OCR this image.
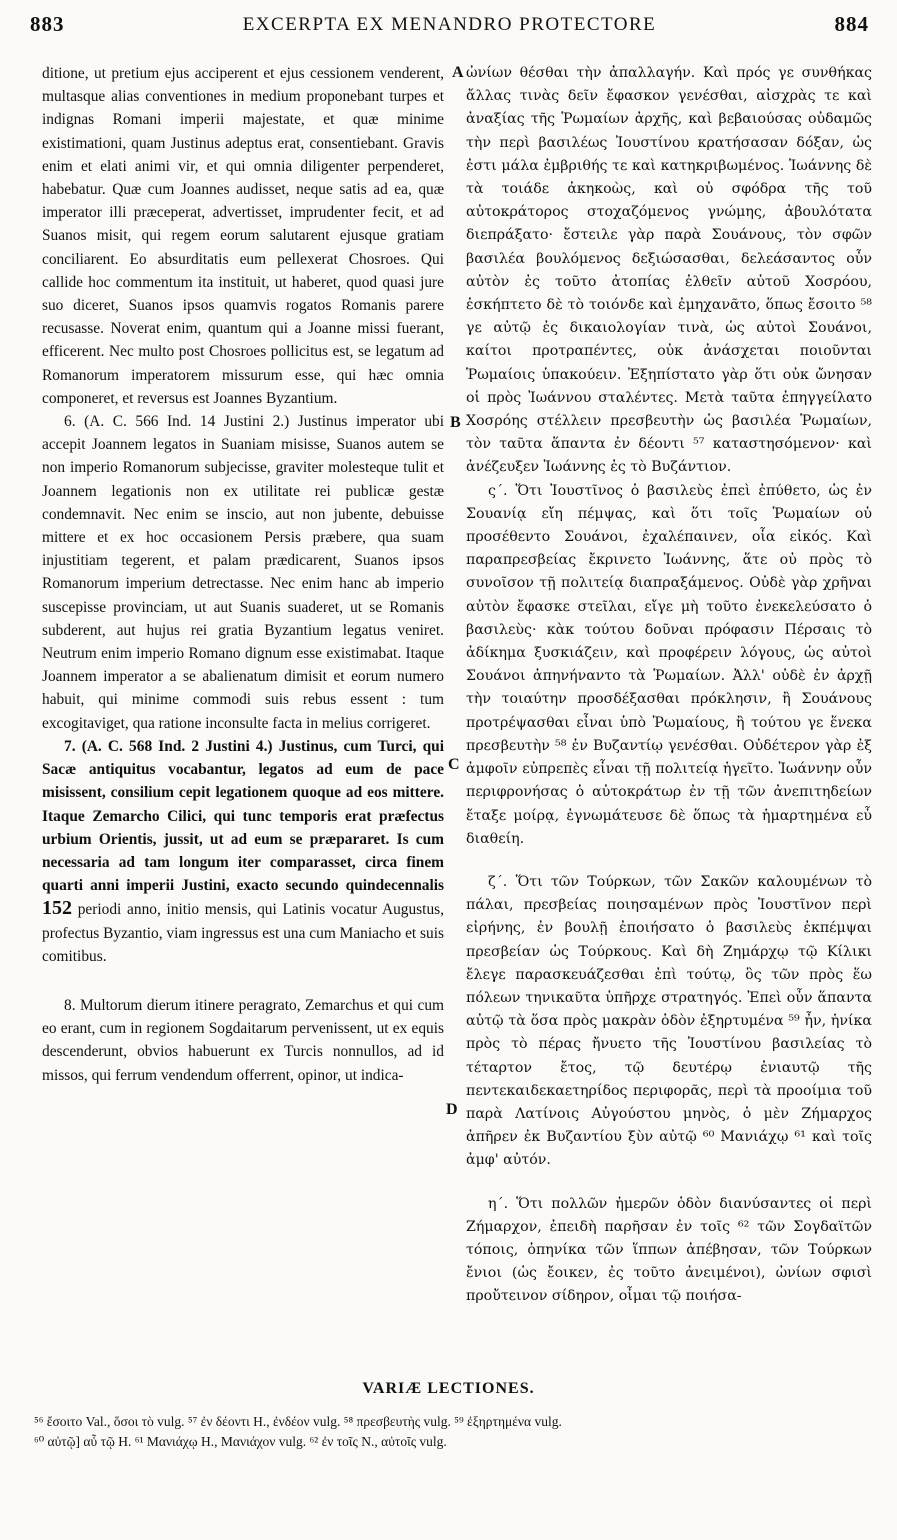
883	EXCERPTA EX MENANDRO PROTECTORE	884

ditione, ut pretium ejus acciperent et ejus cessionem venderent, multasque alias conventiones in medium proponebant turpes et indignas Romani imperii majestate, et quæ minime existimationi, quam Justinus adeptus erat, consentiebant. Gravis enim et elati animi vir, et qui omnia diligenter perpenderet, habebatur. Quæ cum Joannes audisset, neque satis ad ea, quæ imperator illi præceperat, advertisset, imprudenter fecit, et ad Suanos misit, qui regem eorum salutarent ejusque gratiam conciliarent. Eo absurditatis eum pellexerat Chosroes. Qui callide hoc commentum ita instituit, ut haberet, quod quasi jure suo diceret, Suanos ipsos quamvis rogatos Romanis parere recusasse. Noverat enim, quantum qui a Joanne missi fuerant, efficerent. Nec multo post Chosroes pollicitus est, se legatum ad Romanorum imperatorem missurum esse, qui hæc omnia componeret, et reversus est Joannes Byzantium.

6. (A. C. 566 Ind. 14 Justini 2.) Justinus imperator ubi accepit Joannem legatos in Suaniam misisse, Suanos autem se non imperio Romanorum subjecisse, graviter molesteque tulit et Joannem legationis non ex utilitate rei publicæ gestæ condemnavit. Nec enim se inscio, aut non jubente, debuisse mittere et ex hoc occasionem Persis præbere, qua suam injustitiam tegerent, et palam prædicarent, Suanos ipsos Romanorum imperium detrectasse. Nec enim hanc ab imperio suscepisse provinciam, ut aut Suanis suaderet, ut se Romanis subderent, aut hujus rei gratia Byzantium legatus veniret. Neutrum enim imperio Romano dignum esse existimabat. Itaque Joannem imperator a se abalienatum dimisit et eorum numero habuit, qui minime commodi suis rebus essent : tum excogitaviget, qua ratione inconsulte facta in melius corrigeret.

7. (A. C. 568 Ind. 2 Justini 4.) Justinus, cum Turci, qui Sacæ antiquitus vocabantur, legatos ad eum de pace misissent, consilium cepit legationem quoque ad eos mittere. Itaque Zemarcho Cilici, qui tunc temporis erat præfectus urbium Orientis, jussit, ut ad eum se præpararet. Is cum necessaria ad tam longum iter comparasset, circa finem quarti anni imperii Justini, exacto secundo quindecennalis 152 periodi anno, initio mensis, qui Latinis vocatur Augustus, profectus Byzantio, viam ingressus est una cum Maniacho et suis comitibus.

8. Multorum dierum itinere peragrato, Zemarchus et qui cum eo erant, cum in regionem Sogdaitarum pervenissent, ut ex equis descenderunt, obvios habuerunt ex Turcis nonnullos, ad id missos, qui ferrum vendendum offerrent, opinor, ut indica-

A
B
C
D

ὠνίων θέσθαι τὴν ἀπαλλαγήν. Καὶ πρός γε συνθήκας ἄλλας τινὰς δεῖν ἔφασκον γενέσθαι, αἰσχρὰς τε καὶ ἀναξίας τῆς Ῥωμαίων ἀρχῆς, καὶ βεβαιούσας οὐδαμῶς τὴν περὶ βασιλέως Ἰουστίνου κρατήσασαν δόξαν, ὡς ἐστι μάλα ἐμβριθής τε καὶ κατηκριβωμένος. Ἰωάννης δὲ τὰ τοιάδε ἀκηκοὼς, καὶ οὐ σφόδρα τῆς τοῦ αὐτοκράτορος στοχαζόμενος γνώμης, ἀβουλότατα διεπράξατο· ἔστειλε γὰρ παρὰ Σουάνους, τὸν σφῶν βασιλέα βουλόμενος δεξιώσασθαι, δελεάσαντος οὖν αὐτὸν ἐς τοῦτο ἀτοπίας ἐλθεῖν αὐτοῦ Χοσρόου, ἐσκήπτετο δὲ τὸ τοιόνδε καὶ ἐμηχανᾶτο, ὅπως ἔσοιτο ⁵⁸ γε αὐτῷ ἐς δικαιολογίαν τινὰ, ὡς αὐτοὶ Σουάνοι, καίτοι προτραπέντες, οὐκ ἀνάσχεται ποιοῦνται Ῥωμαίοις ὑπακούειν. Ἐξηπίστατο γὰρ ὅτι οὐκ ὤνησαν οἱ πρὸς Ἰωάννου σταλέντες. Μετὰ ταῦτα ἐπηγγείλατο Χοσρόης στέλλειν πρεσβευτὴν ὡς βασιλέα Ῥωμαίων, τὸν ταῦτα ἅπαντα ἐν δέοντι ⁵⁷ καταστησόμενον· καὶ ἀνέζευξεν Ἰωάννης ἐς τὸ Βυζάντιον.

ς΄. Ὅτι Ἰουστῖνος ὁ βασιλεὺς ἐπεὶ ἐπύθετο, ὡς ἐν Σουανίᾳ εἴη πέμψας, καὶ ὅτι τοῖς Ῥωμαίων οὐ προσέθεντο Σουάνοι, ἐχαλέπαινεν, οἷα εἰκός. Καὶ παραπρεσβείας ἔκρινετο Ἰωάννης, ἅτε οὐ πρὸς τὸ συνοῖσον τῇ πολιτείᾳ διαπραξάμενος. Οὐδὲ γὰρ χρῆναι αὐτὸν ἔφασκε στεῖλαι, εἴγε μὴ τοῦτο ἐνεκελεύσατο ὁ βασιλεὺς· κὰκ τούτου δοῦναι πρόφασιν Πέρσαις τὸ ἀδίκημα ξυσκιάζειν, καὶ προφέρειν λόγους, ὡς αὐτοὶ Σουάνοι ἀπηνήναντο τὰ Ῥωμαίων. Ἀλλ' οὐδὲ ἐν ἀρχῇ τὴν τοιαύτην προσδέξασθαι πρόκλησιν, ἢ Σουάνους προτρέψασθαι εἶναι ὑπὸ Ῥωμαίους, ἢ τούτου γε ἕνεκα πρεσβευτὴν ⁵⁸ ἐν Βυζαντίῳ γενέσθαι. Οὐδέτερον γὰρ ἐξ ἀμφοῖν εὐπρεπὲς εἶναι τῇ πολιτείᾳ ἡγεῖτο. Ἰωάννην οὖν περιφρονήσας ὁ αὐτοκράτωρ ἐν τῇ τῶν ἀνεπιτηδείων ἔταξε μοίρᾳ, ἐγνωμάτευσε δὲ ὅπως τὰ ἡμαρτημένα εὖ διαθείη.

ζ΄. Ὅτι τῶν Τούρκων, τῶν Σακῶν καλουμένων τὸ πάλαι, πρεσβείας ποιησαμένων πρὸς Ἰουστῖνον περὶ εἰρήνης, ἐν βουλῇ ἐποιήσατο ὁ βασιλεὺς ἐκπέμψαι πρεσβείαν ὡς Τούρκους. Καὶ δὴ Ζημάρχῳ τῷ Κίλικι ἔλεγε παρασκευάζεσθαι ἐπὶ τούτῳ, ὃς τῶν πρὸς ἕω πόλεων τηνικαῦτα ὑπῆρχε στρατηγός. Ἐπεὶ οὖν ἅπαντα αὐτῷ τὰ ὅσα πρὸς μακρὰν ὁδὸν ἐξηρτυμένα ⁵⁹ ἦν, ἡνίκα πρὸς τὸ πέρας ἤνυετο τῆς Ἰουστίνου βασιλείας τὸ τέταρτον ἔτος, τῷ δευτέρῳ ἐνιαυτῷ τῆς πεντεκαιδεκαετηρίδος περιφορᾶς, περὶ τὰ προοίμια τοῦ παρὰ Λατίνοις Αὐγούστου μηνὸς, ὁ μὲν Ζήμαρχος ἀπῆρεν ἐκ Βυζαντίου ξὺν αὐτῷ ⁶⁰ Μανιάχῳ ⁶¹ καὶ τοῖς ἀμφ' αὐτόν.

η΄. Ὅτι πολλῶν ἡμερῶν ὁδὸν διανύσαντες οἱ περὶ Ζήμαρχον, ἐπειδὴ παρῆσαν ἐν τοῖς ⁶² τῶν Σογδαϊτῶν τόποις, ὁπηνίκα τῶν ἵππων ἀπέβησαν, τῶν Τούρκων ἔνιοι (ὡς ἔοικεν, ἐς τοῦτο ἀνειμένοι), ὠνίων σφισὶ προὔτεινον σίδηρον, οἶμαι τῷ ποιήσα-

VARIÆ LECTIONES.
⁵⁶ ἔσοιτο Val., ὅσοι τὸ vulg. ⁵⁷ ἐν δέοντι H., ἐνδέον vulg. ⁵⁸ πρεσβευτὴς vulg. ⁵⁹ ἐξηρτημένα vulg.
⁶⁰ αὐτῷ] αὖ τῷ H. ⁶¹ Μανιάχῳ H., Μανιάχον vulg. ⁶² ἐν τοῖς N., αὐτοῖς vulg.
